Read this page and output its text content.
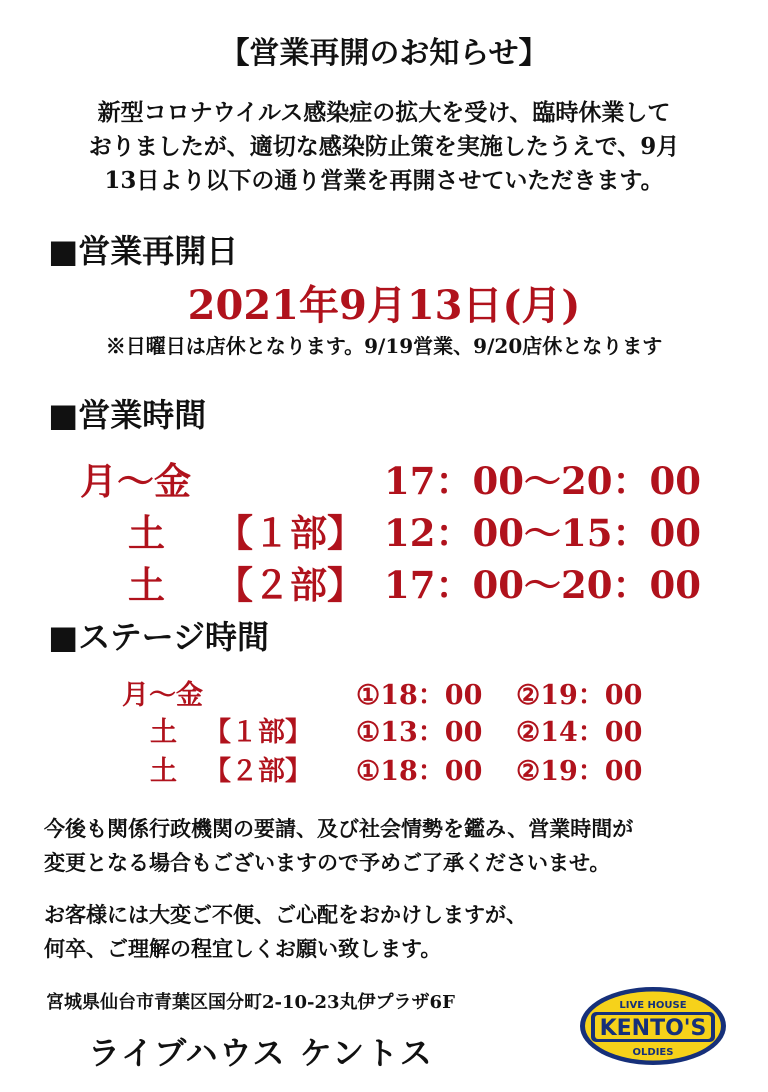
【営業再開のお知らせ】
新型コロナウイルス感染症の拡大を受け、臨時休業して
おりましたが、適切な感染防止策を実施したうえで、9月
13日より以下の通り営業を再開させていただきます。
■営業再開日
2021年9月13日(月)
※日曜日は店休となります。9/19営業、9/20店休となります
■営業時間
月～金	17：00～20：00
土 【１部】 12：00～15：00
土 【２部】 17：00～20：00
■ステージ時間
月～金	①18：00 ②19：00
土 【１部】 ①13：00 ②14：00
土 【２部】 ①18：00 ②19：00
今後も関係行政機関の要請、及び社会情勢を鑑み、営業時間が
変更となる場合もございますので予めご了承くださいませ。
お客様には大変ご不便、ご心配をおかけしますが、
何卒、ご理解の程宜しくお願い致します。
宮城県仙台市青葉区国分町2-10-23丸伊プラザ6F
ライブハウス ケントス
LIVE HOUSE
KENTO'S
OLDIES
